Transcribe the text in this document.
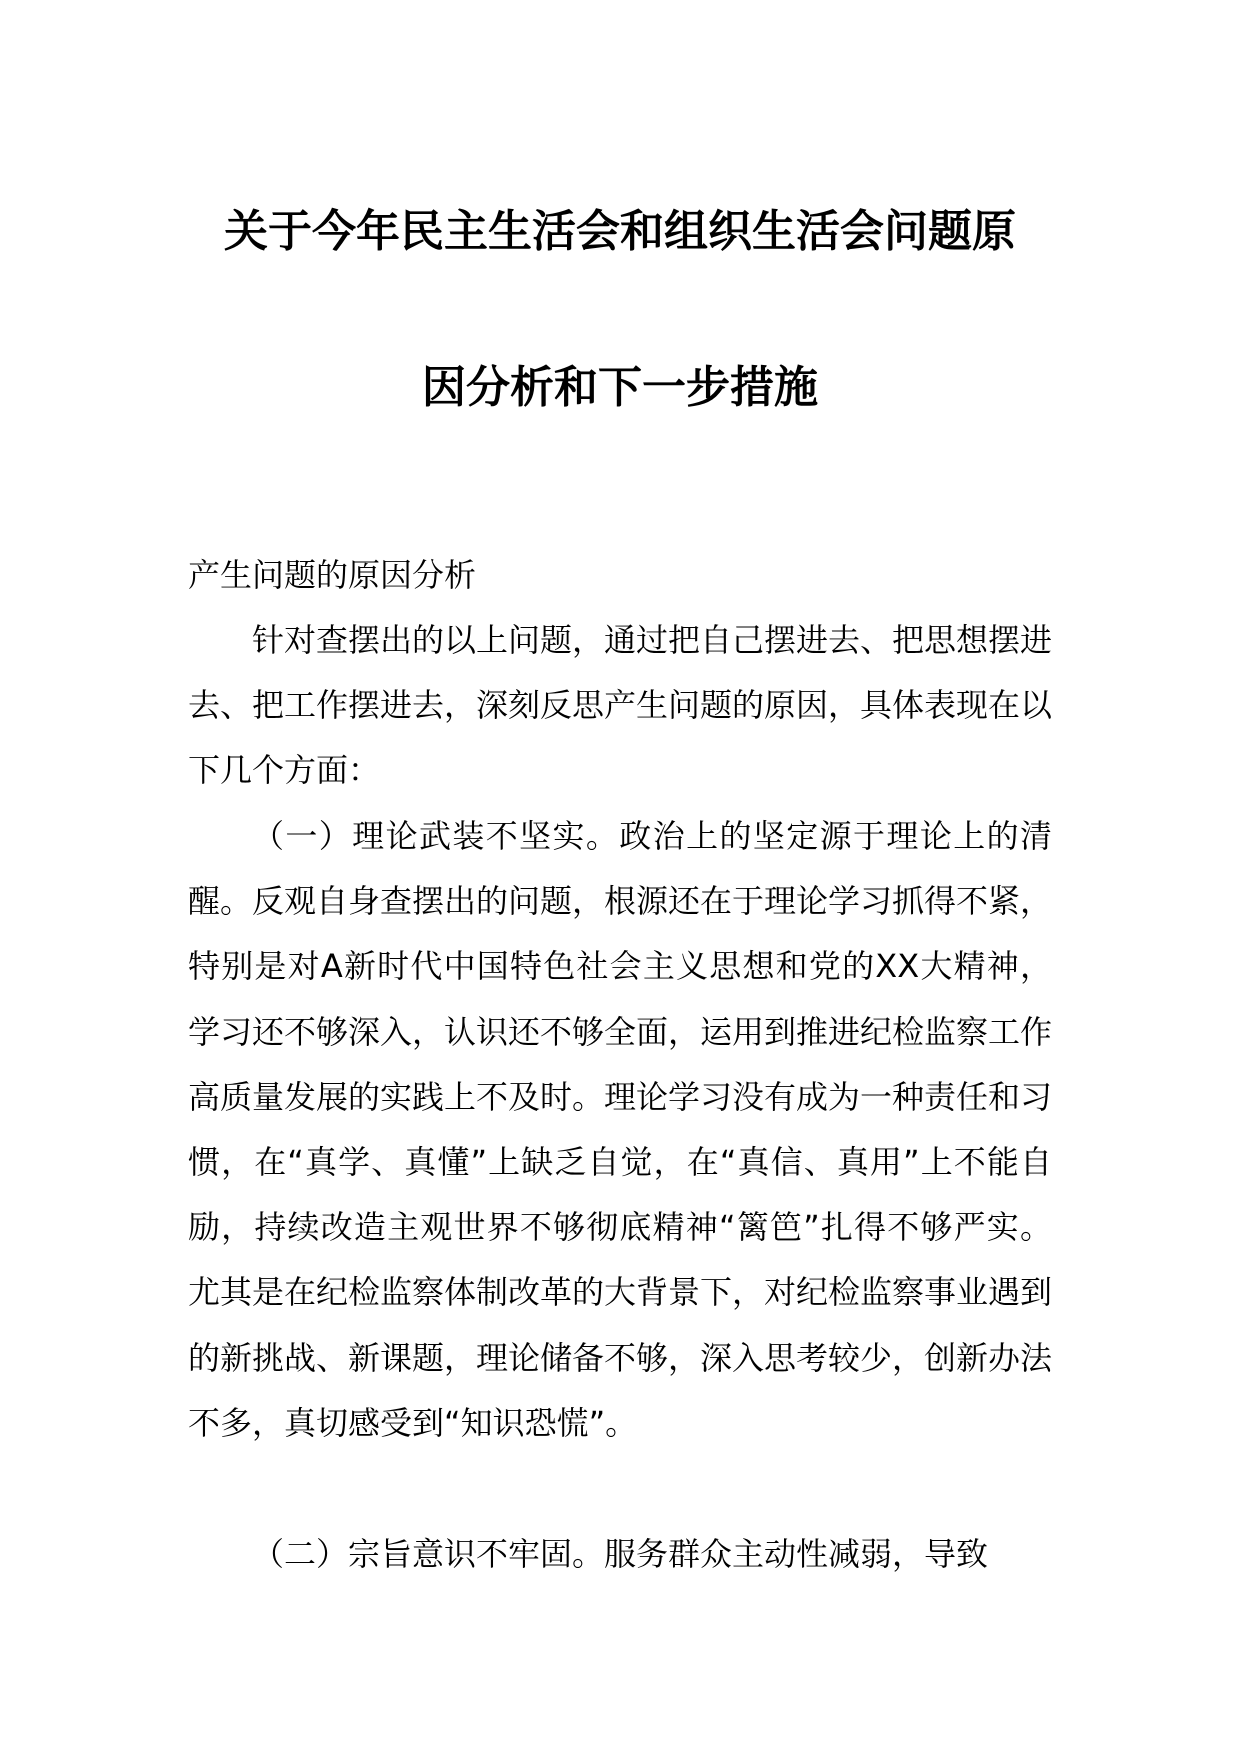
关于今年民主生活会和组织生活会问题原
因分析和下一步措施
产生问题的原因分析

针对查摆出的以上问题，通过把自己摆进去、把思想摆进去、把工作摆进去，深刻反思产生问题的原因，具体表现在以下几个方面：

（一）理论武装不坚实。政治上的坚定源于理论上的清醒。反观自身查摆出的问题，根源还在于理论学习抓得不紧，特别是对A新时代中国特色社会主义思想和党的XX大精神，学习还不够深入，认识还不够全面，运用到推进纪检监察工作高质量发展的实践上不及时。理论学习没有成为一种责任和习惯，在“真学、真懂”上缺乏自觉，在“真信、真用”上不能自励，持续改造主观世界不够彻底精神“篱笆”扎得不够严实。尤其是在纪检监察体制改革的大背景下，对纪检监察事业遇到的新挑战、新课题，理论储备不够，深入思考较少，创新办法不多，真切感受到“知识恐慌”。

（二）宗旨意识不牢固。服务群众主动性减弱，导致
